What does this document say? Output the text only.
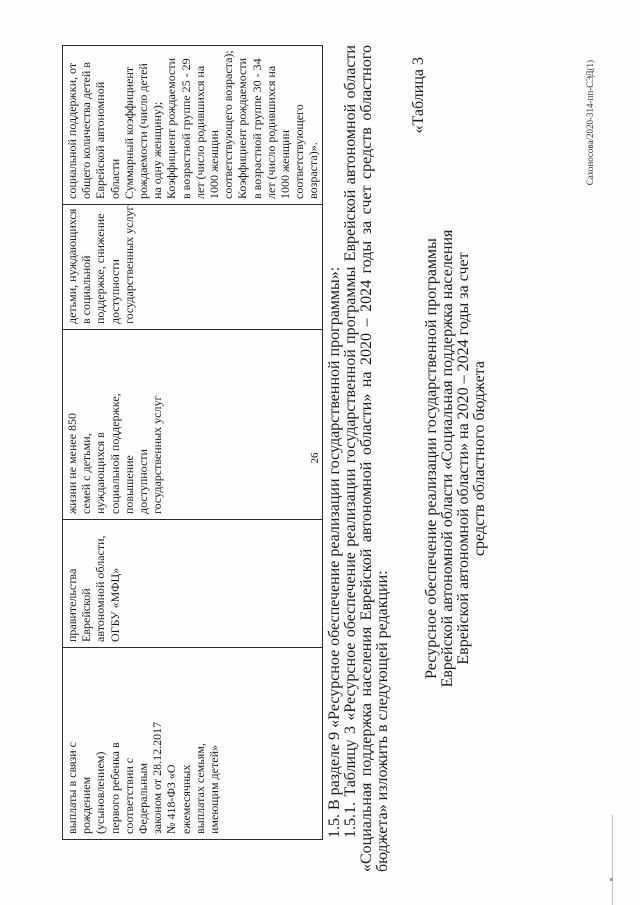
выплаты в связи с рождением (усыновлением) первого ребенка в соответствии с Федеральным законом от 28.12.2017 № 418-ФЗ «О ежемесячных выплатах семьям, имеющим детей»
правительства Еврейской автономной области, ОГБУ «МФЦ»
жизни не менее 850 семей с детьми, нуждающихся в социальной поддержке, повышение доступности государственных услуг
детьми, нуждающихся в социальной поддержке, снижение доступности государственных услуг
социальной поддержки, от общего количества детей в Еврейской автономной области Суммарный коэффициент рождаемости (число детей на одну женщину); Коэффициент рождаемости в возрастной группе 25 - 29 лет (число родившихся на 1000 женщин соответствующего возраста); Коэффициент рождаемости в возрастной группе 30 - 34 лет (число родившихся на 1000 женщин соответствующего возраста)».
26 1.5. В разделе 9 «Ресурсное обеспечение реализации государственной программы»: 1.5.1. Таблицу 3 «Ресурсное обеспечение реализации государственной программы Еврейской автономной области «Социальная поддержка населения Еврейской автономной области» на 2020 – 2024 годы за счет средств областного бюджета» изложить в следующей редакции:
«Таблица 3
Ресурсное обеспечение реализации государственной программы Еврейской автономной области «Социальная поддержка населения Еврейской автономной области» на 2020 – 2024 годы за счет средств областного бюджета
Сахоносова/2020-314-пп-СЭД(1)
